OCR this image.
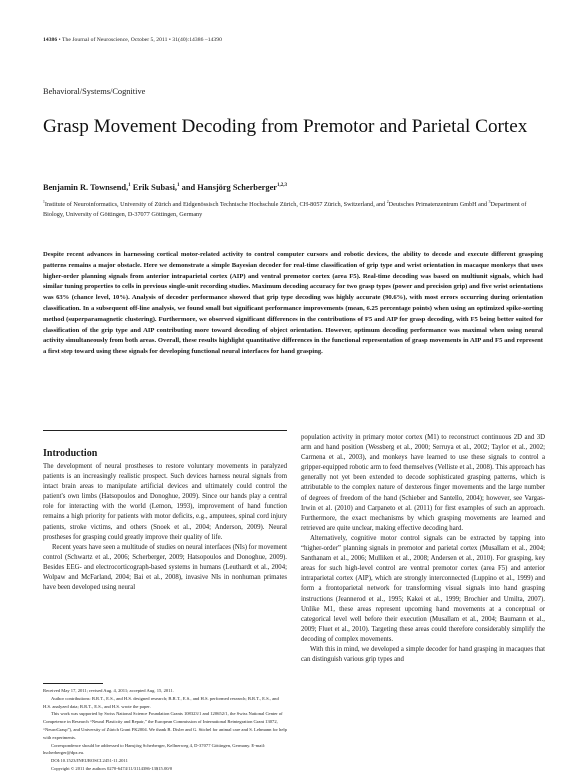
14386 • The Journal of Neuroscience, October 5, 2011 • 31(40):14386 –14390
Behavioral/Systems/Cognitive
Grasp Movement Decoding from Premotor and Parietal Cortex
Benjamin R. Townsend,$^1$ Erik Subasi,$^1$ and Hansjörg Scherberger$^{1,2,3}$
$^1$Institute of Neuroinformatics, University of Zürich and Eidgenössisch Technische Hochschule Zürich, CH-8057 Zürich, Switzerland, and $^2$Deutsches Primatenzentrum GmbH and $^3$Department of Biology, University of Göttingen, D-37077 Göttingen, Germany
Despite recent advances in harnessing cortical motor-related activity to control computer cursors and robotic devices, the ability to decode and execute different grasping patterns remains a major obstacle. Here we demonstrate a simple Bayesian decoder for real-time classification of grip type and wrist orientation in macaque monkeys that uses higher-order planning signals from anterior intraparietal cortex (AIP) and ventral premotor cortex (area F5). Real-time decoding was based on multiunit signals, which had similar tuning properties to cells in previous single-unit recording studies. Maximum decoding accuracy for two grasp types (power and precision grip) and five wrist orientations was 63% (chance level, 10%). Analysis of decoder performance showed that grip type decoding was highly accurate (90.6%), with most errors occurring during orientation classification. In a subsequent off-line analysis, we found small but significant performance improvements (mean, 6.25 percentage points) when using an optimized spike-sorting method (superparamagnetic clustering). Furthermore, we observed significant differences in the contributions of F5 and AIP for grasp decoding, with F5 being better suited for classification of the grip type and AIP contributing more toward decoding of object orientation. However, optimum decoding performance was maximal when using neural activity simultaneously from both areas. Overall, these results highlight quantitative differences in the functional representation of grasp movements in AIP and F5 and represent a first step toward using these signals for developing functional neural interfaces for hand grasping.
Introduction

The development of neural prostheses to restore voluntary movements in paralyzed patients is an increasingly realistic prospect. Such devices harness neural signals from intact brain areas to manipulate artificial devices and ultimately could control the patient's own limbs (Hatsopoulos and Donoghue, 2009). Since our hands play a central role for interacting with the world (Lemon, 1993), improvement of hand function remains a high priority for patients with motor deficits, e.g., amputees, spinal cord injury patients, stroke victims, and others (Snoek et al., 2004; Anderson, 2009). Neural prostheses for grasping could greatly improve their quality of life.

Recent years have seen a multitude of studies on neural interfaces (NIs) for movement control (Schwartz et al., 2006; Scherberger, 2009; Hatsopoulos and Donoghue, 2009). Besides EEG- and electrocorticograph-based systems in humans (Leuthardt et al., 2004; Wolpaw and McFarland, 2004; Bai et al., 2008), invasive NIs in nonhuman primates have been developed using neural

population activity in primary motor cortex (M1) to reconstruct continuous 2D and 3D arm and hand position (Wessberg et al., 2000; Serruya et al., 2002; Taylor et al., 2002; Carmena et al., 2003), and monkeys have learned to use these signals to control a gripper-equipped robotic arm to feed themselves (Velliste et al., 2008). This approach has generally not yet been extended to decode sophisticated grasping patterns, which is attributable to the complex nature of dexterous finger movements and the large number of degrees of freedom of the hand (Schieber and Santello, 2004); however, see Vargas-Irwin et al. (2010) and Carpaneto et al. (2011) for first examples of such an approach. Furthermore, the exact mechanisms by which grasping movements are learned and retrieved are quite unclear, making effective decoding hard.

Alternatively, cognitive motor control signals can be extracted by tapping into “higher-order” planning signals in premotor and parietal cortex (Musallam et al., 2004; Santhanam et al., 2006; Mulliken et al., 2008; Andersen et al., 2010). For grasping, key areas for such high-level control are ventral premotor cortex (area F5) and anterior intraparietal cortex (AIP), which are strongly interconnected (Luppino et al., 1999) and form a frontoparietal network for transforming visual signals into hand grasping instructions (Jeannerod et al., 1995; Kakei et al., 1999; Brochier and Umilta, 2007). Unlike M1, these areas represent upcoming hand movements at a conceptual or categorical level well before their execution (Musallam et al., 2004; Baumann et al., 2009; Fluet et al., 2010). Targeting these areas could therefore considerably simplify the decoding of complex movements.

With this in mind, we developed a simple decoder for hand grasping in macaques that can distinguish various grip types and

Received May 17, 2011; revised Aug. 4, 2011; accepted Aug. 15, 2011.

Author contributions: B.R.T., E.S., and H.S. designed research; B.R.T., E.S., and H.S. performed research; B.R.T., E.S., and H.S. analyzed data; B.R.T., E.S., and H.S. wrote the paper.

This work was supported by Swiss National Science Foundation Grants 108323/1 and 120652/1, the Swiss National Center of Competence in Research “Neural Plasticity and Repair,” the European Commission of International Reintegration Grant 13072, “NeuroGrasp”), and University of Zürich Grant FK2004. We thank B. Disler and G. Stichel for animal care and S. Lehmann for help with experiments.

Correspondence should be addressed to Hansjörg Scherberger, Kellnerweg 4, D-37077 Göttingen, Germany. E-mail: hscherberger@dpz.eu.

DOI:10.1523/JNEUROSCI.2451-11.2011

Copyright © 2011 the authors 0270-6474/11/3114386-13$15.00/0
